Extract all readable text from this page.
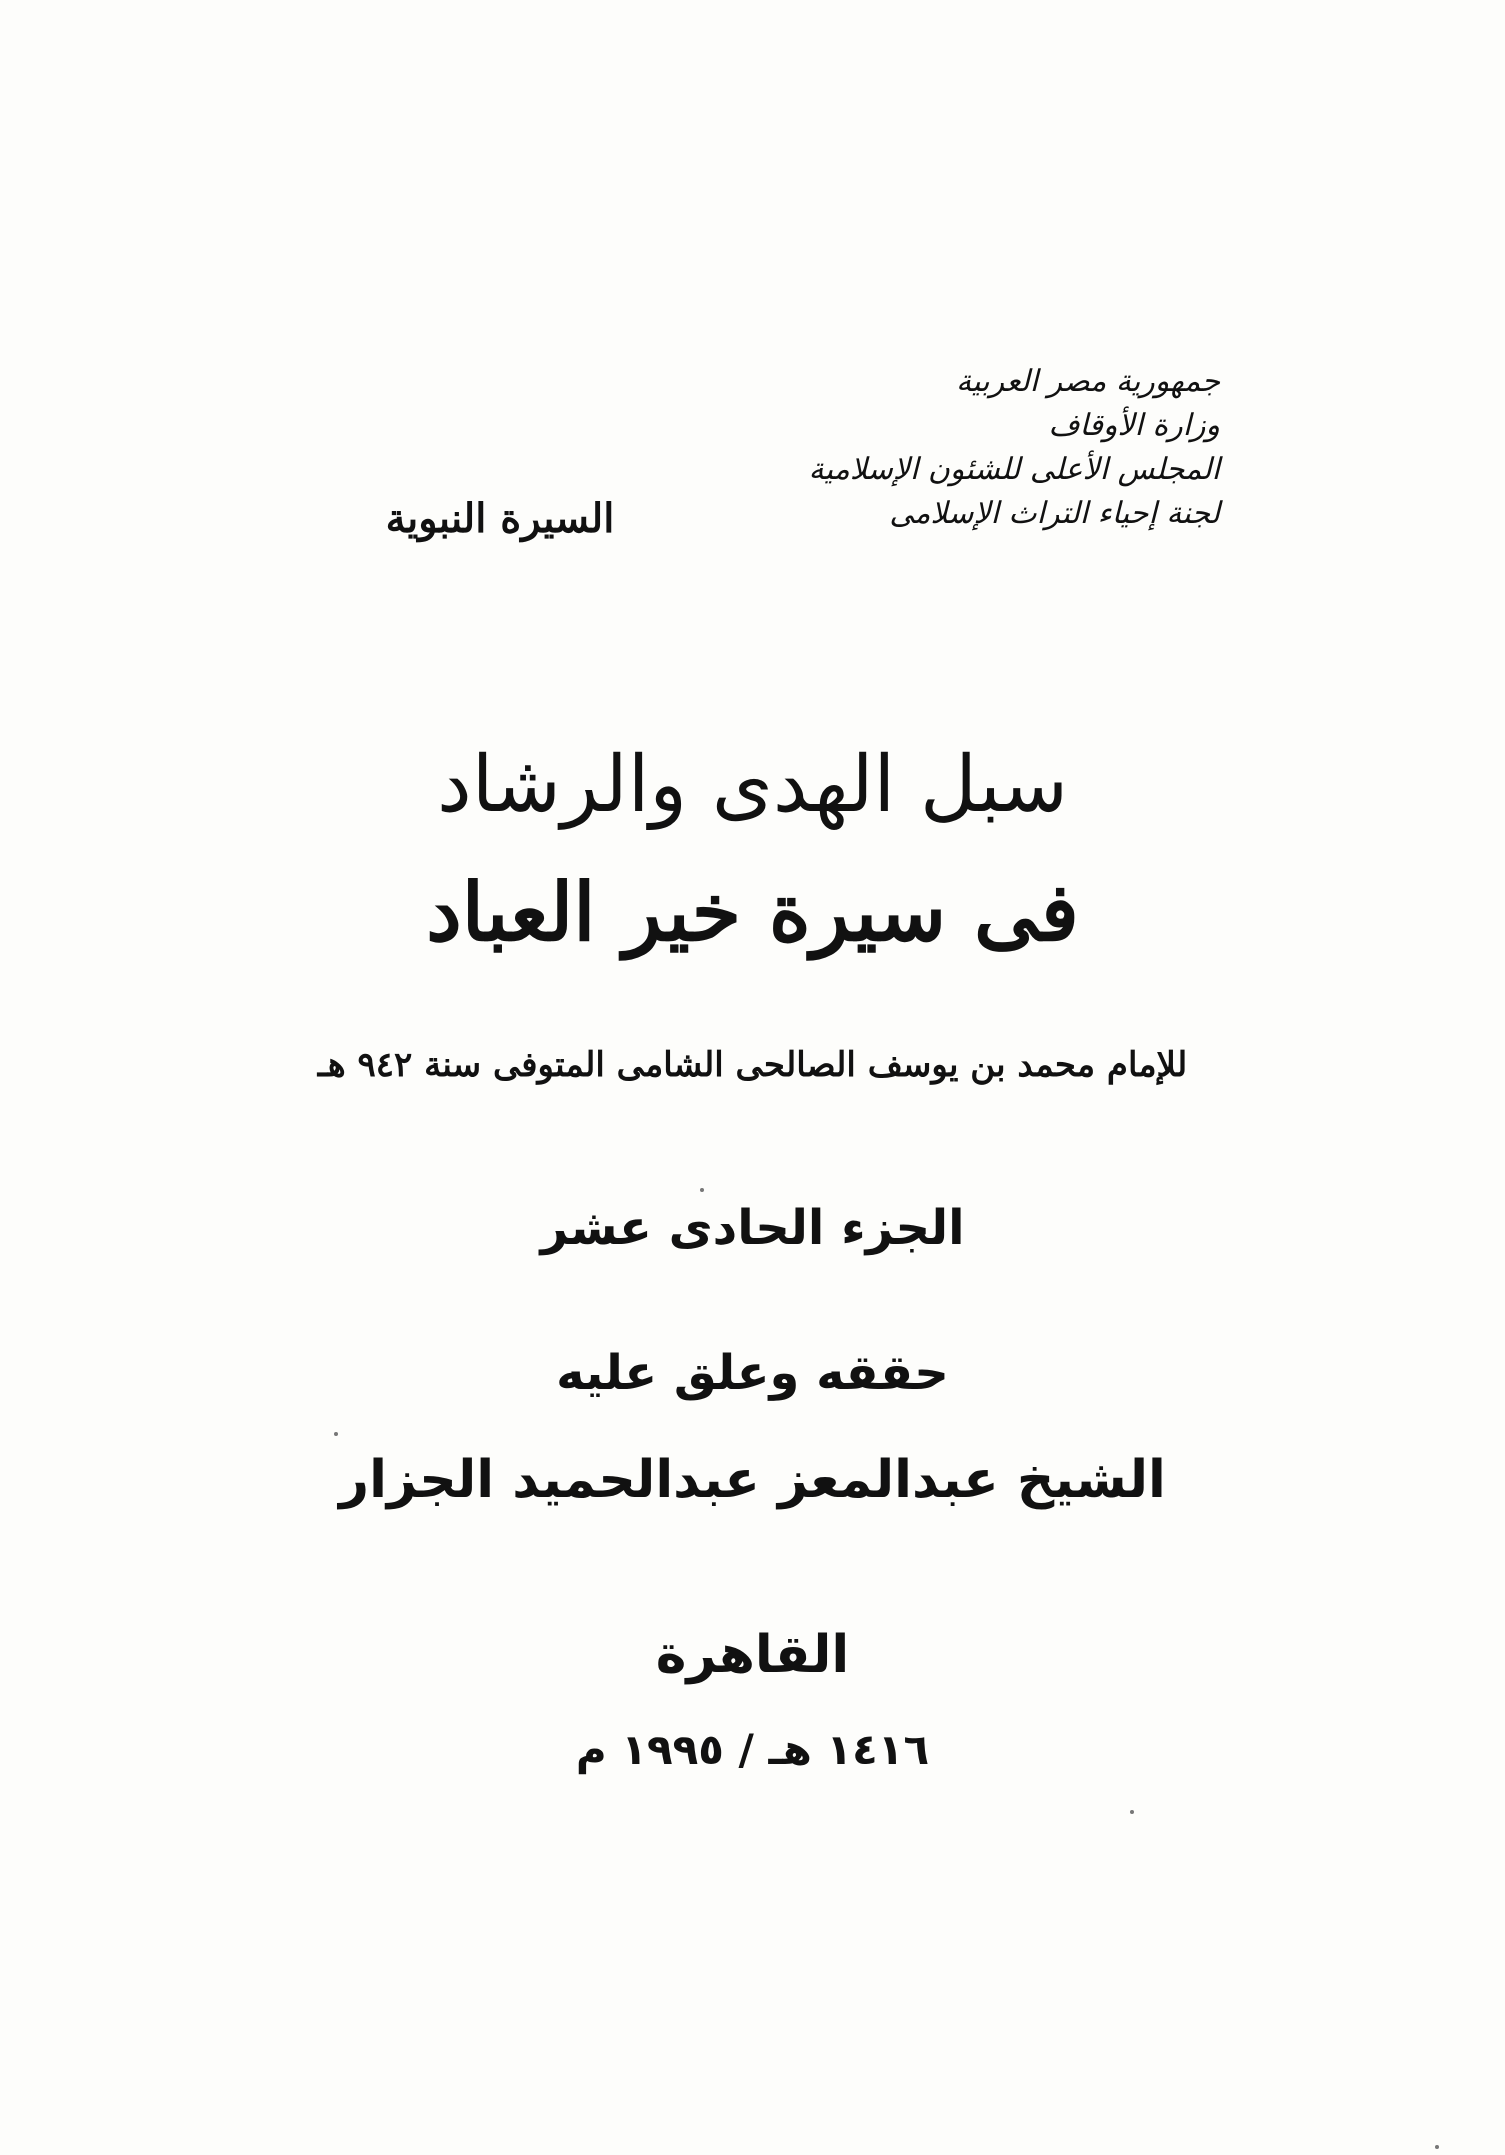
جمهورية مصر العربية
وزارة الأوقاف
المجلس الأعلى للشئون الإسلامية
لجنة إحياء التراث الإسلامى
السيرة النبوية
سبل الهدى والرشاد
فى سيرة خير العباد
للإمام محمد بن يوسف الصالحى الشامى المتوفى سنة ٩٤٢ هـ
الجزء الحادى عشر
حققه وعلق عليه
الشيخ عبدالمعز عبدالحميد الجزار
القاهرة
١٤١٦ هـ / ١٩٩٥ م
